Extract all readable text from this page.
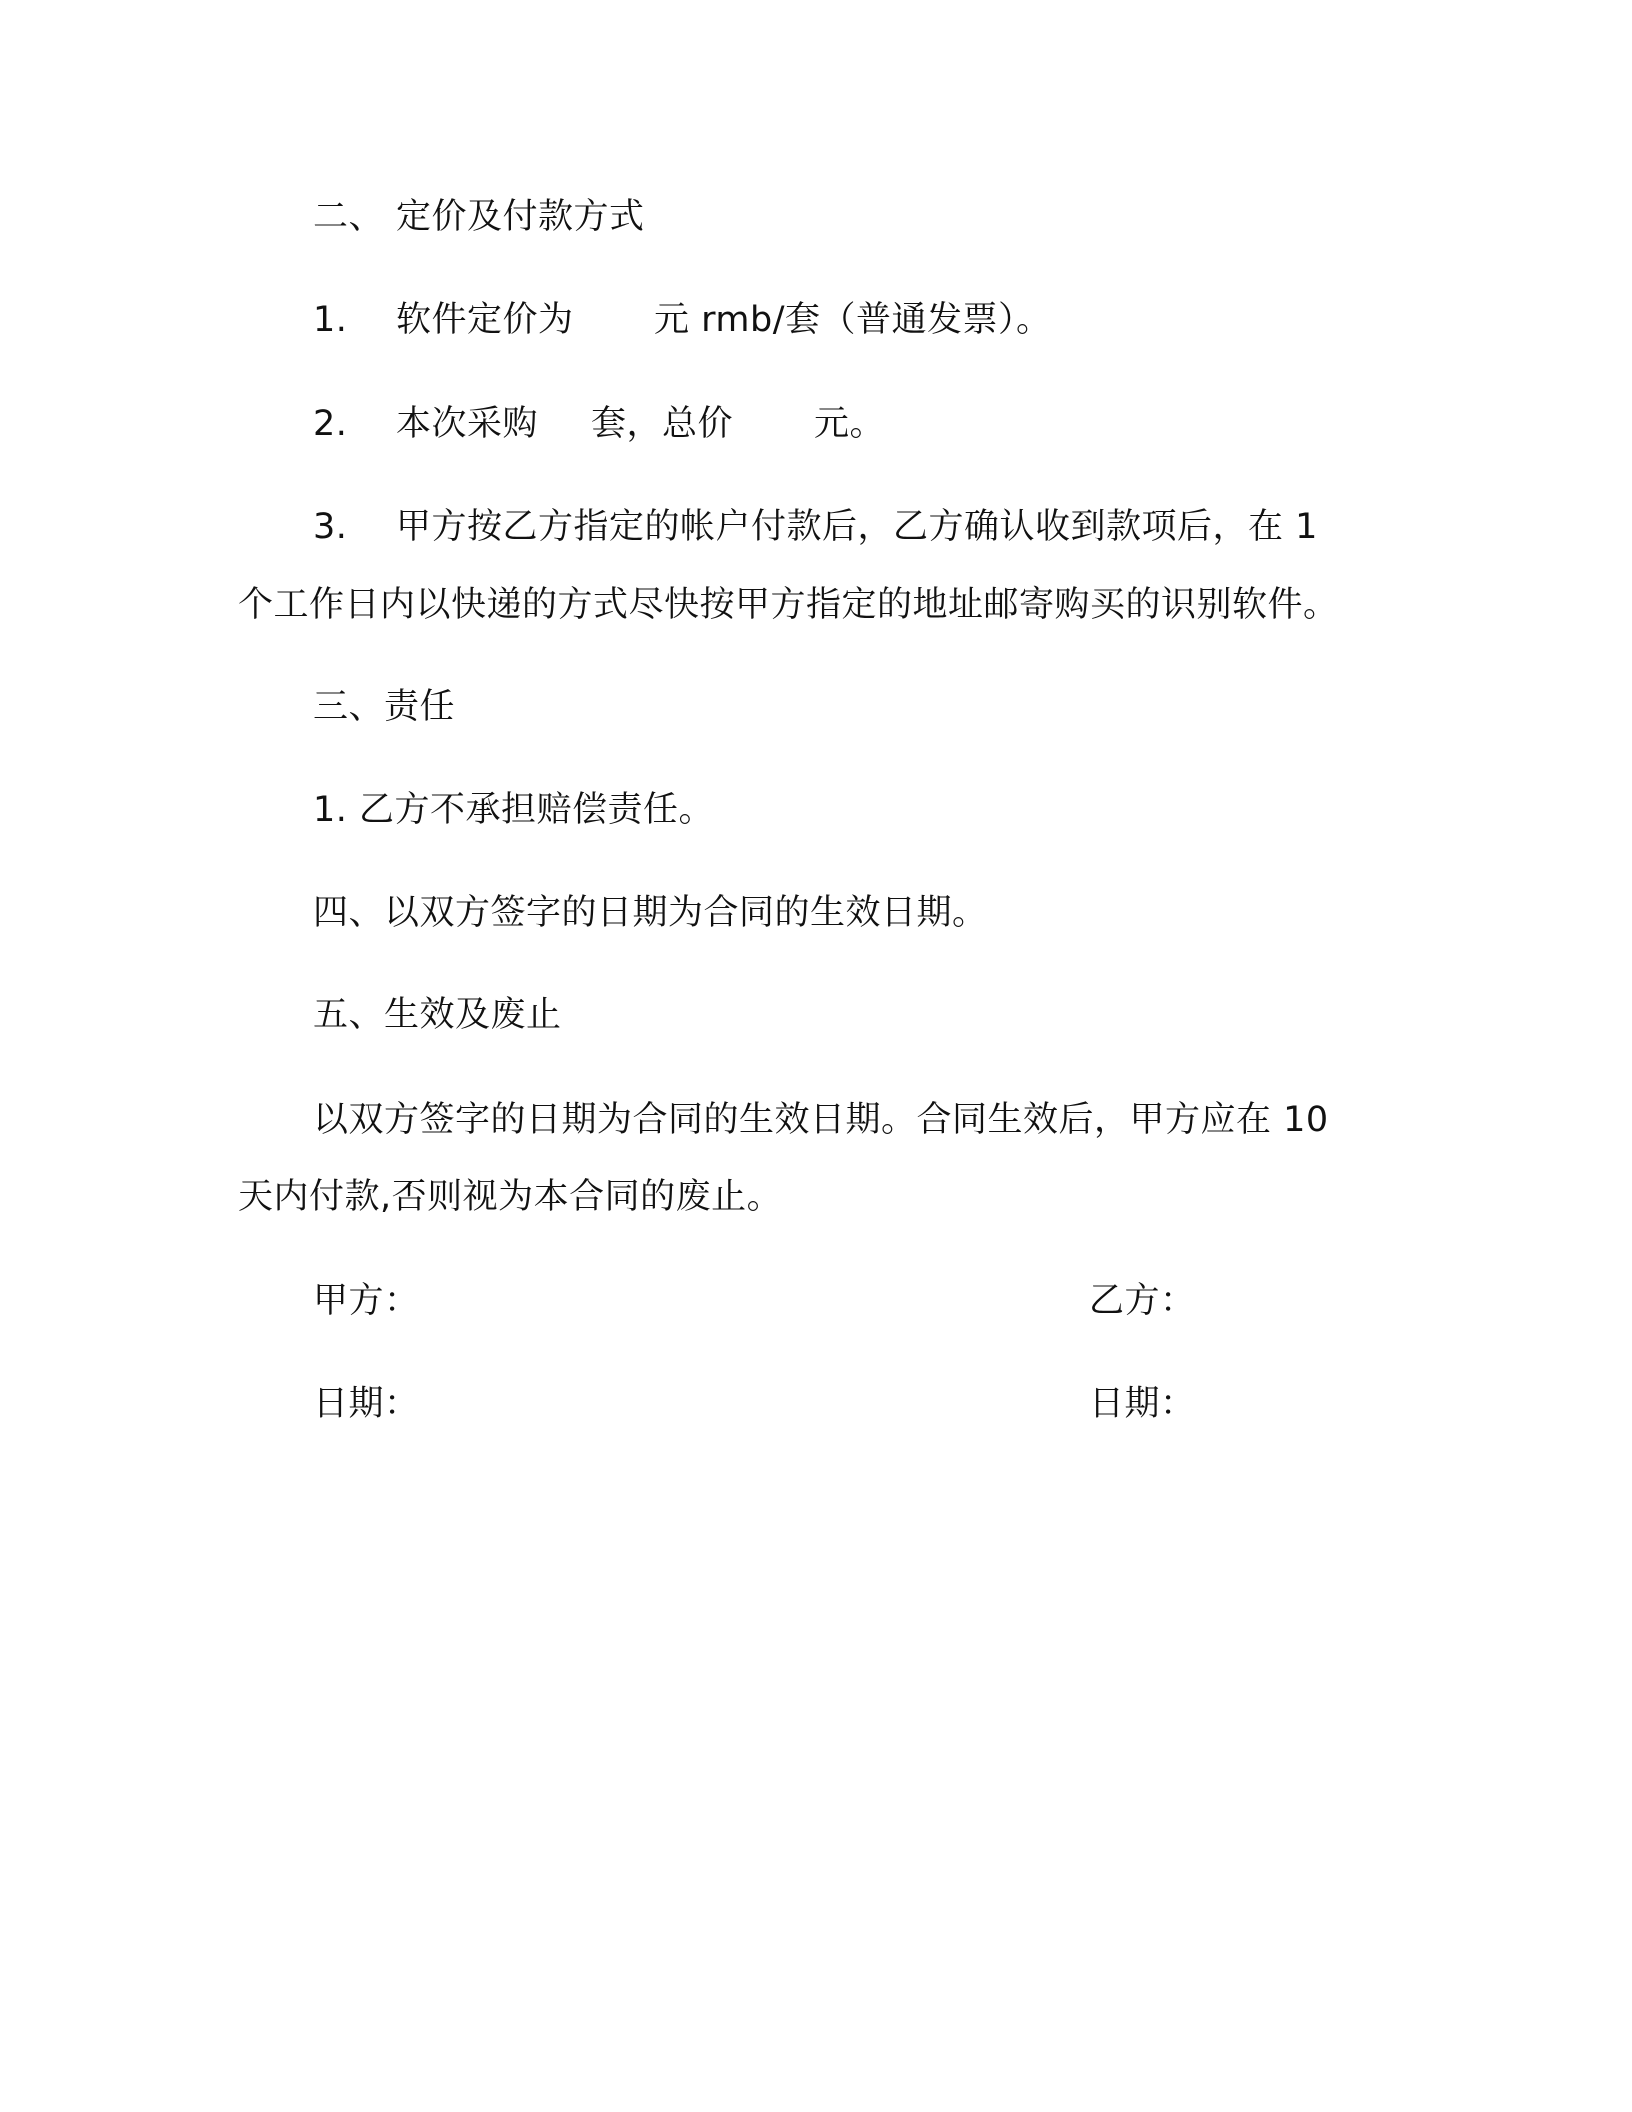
二、 定价及付款方式
1. 软件定价为 元 rmb/套（普通发票）。
2. 本次采购 套，总价 元。
3. 甲方按乙方指定的帐户付款后，乙方确认收到款项后，在 1
个工作日内以快递的方式尽快按甲方指定的地址邮寄购买的识别软件。
三、责任
1. 乙方不承担赔偿责任。
四、以双方签字的日期为合同的生效日期。
五、生效及废止
以双方签字的日期为合同的生效日期。合同生效后，甲方应在 10
天内付款,否则视为本合同的废止。
甲方：	乙方：
日期：	日期：
